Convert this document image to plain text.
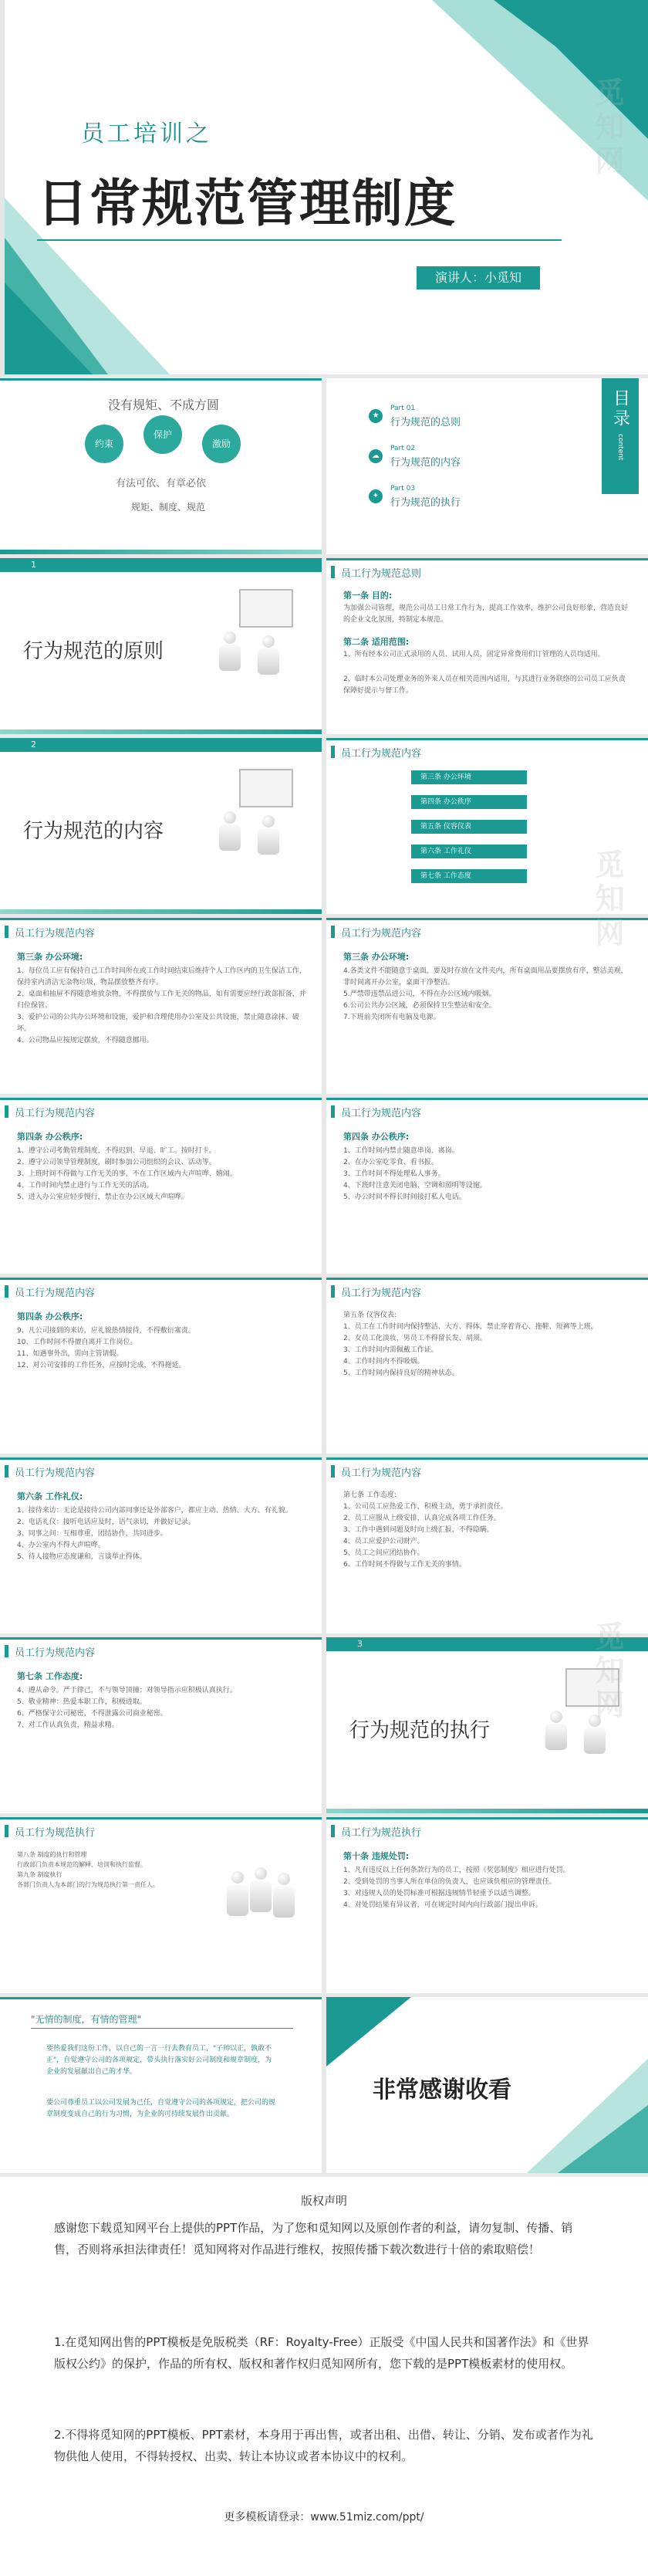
员工培训之
日常规范管理制度
演讲人：小觅知
没有规矩、不成方圆
约束
保护
激励
有法可依、有章必依
规矩、制度、规范
★
Part 01
行为规范的总则
☁
Part 02
行为规范的内容
✦
Part 03
行为规范的执行
目录
content
1
行为规范的原则
员工行为规范总则
第一条 目的:
为加强公司管理，规范公司员工日常工作行为，提高工作效率，维护公司良好形象，营造良好的企业文化氛围，特制定本规范。
第二条 适用范围:
1、所有经本公司正式录用的人员、试用人员、固定异常费用们订管理的人员均适用。
2、临时本公司处理业务的外来人员在相关范围内适用，与其进行业务联络的公司员工应负责保障好提示与督工作。
2
行为规范的内容
员工行为规范内容
第三条 办公环境
第四条 办公秩序
第五条 仪容仪表
第六条 工作礼仪
第七条 工作态度
员工行为规范内容
第三条 办公环境:
1、每位员工应有保持自己工作时间所在或工作时间结束后维持个人工作区内的卫生保洁工作，保持室内清洁无杂物垃圾，物品摆放整齐有序。
2、桌面和抽屉不得随意堆放杂物，不得摆放与工作无关的物品，如有需要应经行政部报备，并归位保管。
3、爱护公司的公共办公环境和设施，爱护和合理使用办公室及公共设施，禁止随意涂抹、破坏。
4、公司物品应按规定摆放，不得随意挪用。
员工行为规范内容
第三条 办公环境:
4.各类文件不能随意于桌面，要及时存放在文件夹内，所有桌面用品要摆放有序，整洁美观，非时间离开办公室，桌面干净整洁。
5.严禁带违禁品进公司，不得在办公区域内吸烟。
6.公司公共办公区域，必须保持卫生整洁和安全。
7.下班前关闭所有电脑及电源。
员工行为规范内容
第四条 办公秩序:
1、遵守公司考勤管理制度，不得迟到、早退、旷工。按时打卡。
2、遵守公司领导管理制度，刷时参加公司组织的会议、活动等。
3、上班时间不得做与工作无关的事，不在工作区域内大声喧哗、嬉闹。
4、工作时间内禁止进行与工作无关的活动。
5、进入办公室应轻步慢行，禁止在办公区域大声喧哗。
员工行为规范内容
第四条 办公秩序:
1、工作时间内禁止随意串岗、离岗。
2、在办公室吃零食、看书报。
3、工作时间不得处理私人事务。
4、下班时注意关闭电脑、空调和照明等设施。
5、办公时间不得长时间接打私人电话。
员工行为规范内容
第四条 办公秩序:
9、凡公司接到的来访，应礼貌热情接待，不得敷衍塞责。
10、工作时间不得擅自离开工作岗位。
11、如遇事外出，需向主管请假。
12、对公司安排的工作任务，应按时完成，不得拖延。
员工行为规范内容
第五条 仪容仪表:
1、员工在工作时间内保持整洁、大方、得体，禁止穿着背心、拖鞋、短裤等上班。
2、女员工化淡妆，男员工不得留长发、胡须。
3、工作时间内需佩戴工作证。
4、工作时间内不得吸烟。
5、工作时间内保持良好的精神状态。
员工行为规范内容
第六条 工作礼仪:
1、接待来访：无论是接待公司内部同事还是外部客户，都应主动、热情、大方、有礼貌。
2、电话礼仪：接听电话应及时，语气亲切，并做好记录。
3、同事之间：互相尊重，团结协作，共同进步。
4、办公室内不得大声喧哗。
5、待人接物应态度谦和，言谈举止得体。
员工行为规范内容
第七条 工作态度:
1、公司员工应热爱工作，积极主动，勇于承担责任。
2、员工应服从上级安排，认真完成各项工作任务。
3、工作中遇到问题及时向上级汇报，不得隐瞒。
4、员工应爱护公司财产。
5、员工之间应团结协作。
6、工作时间不得做与工作无关的事情。
员工行为规范内容
第七条 工作态度:
4、遵从命令。严于律己，不与领导顶撞；对领导指示应积极认真执行。
5、敬业精神：热爱本职工作，积极进取。
6、严格保守公司秘密，不得泄露公司商业秘密。
7、对工作认真负责，精益求精。
3
行为规范的执行
员工行为规范执行
第八条 制度的执行和管理
行政部门负责本规范的解释、培训和执行监督。
第九条 制度执行
各部门负责人为本部门的行为规范执行第一责任人。
员工行为规范执行
第十条 违规处罚:
1、凡有违反以上任何条款行为的员工，按照《奖惩制度》相应进行处罚。
2、受到处罚的当事人所在单位的负责人，也应该负相应的管理责任。
3、对违规人员的处罚标准可根据违规情节轻重予以适当调整。
4、对处罚结果有异议者，可在规定时间内向行政部门提出申诉。
"无情的制度，有情的管理"
要热爱我们这份工作，以自己的一言一行去教育员工，"子帅以正，孰敢不正"，自觉遵守公司的各项规定，带头执行落实好公司制度和规章制度，为企业的发展献出自己的才华。
要公司尊重员工以公司发展为己任，自觉遵守公司的各项规定，把公司的规章制度变成自己的行为习惯，为企业的可持续发展作出贡献。
非常感谢收看
版权声明
感谢您下载觅知网平台上提供的PPT作品，为了您和觅知网以及原创作者的利益，请勿复制、传播、销售，否则将承担法律责任！觅知网将对作品进行维权，按照传播下载次数进行十倍的索取赔偿！
1.在觅知网出售的PPT模板是免版税类（RF：Royalty-Free）正版受《中国人民共和国著作法》和《世界版权公约》的保护，作品的所有权、版权和著作权归觅知网所有，您下载的是PPT模板素材的使用权。
2.不得将觅知网的PPT模板、PPT素材，本身用于再出售，或者出租、出借、转让、分销、发布或者作为礼物供他人使用，不得转授权、出卖、转让本协议或者本协议中的权利。
更多模板请登录：www.51miz.com/ppt/
觅知网
觅知网
觅知网
